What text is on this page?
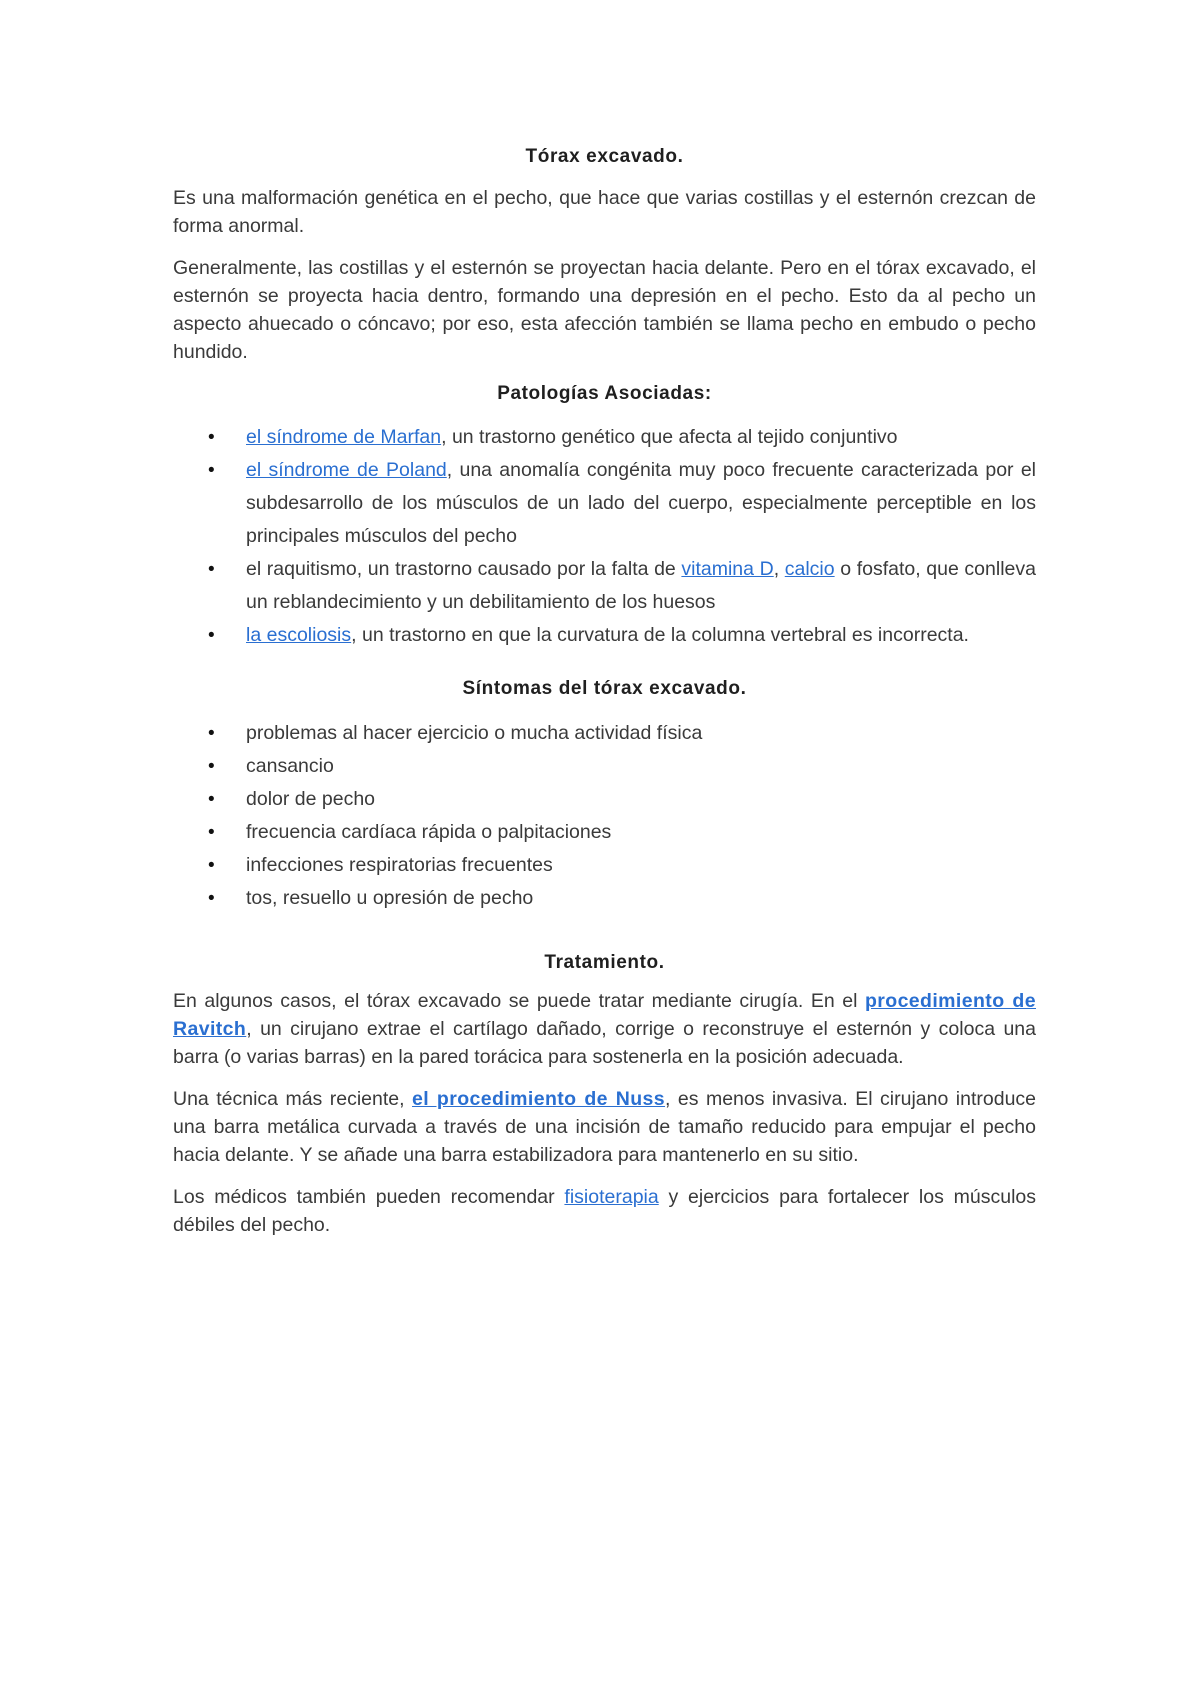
Tórax excavado.

Es una malformación genética en el pecho, que hace que varias costillas y el esternón crezcan de forma anormal.

Generalmente, las costillas y el esternón se proyectan hacia delante. Pero en el tórax excavado, el esternón se proyecta hacia dentro, formando una depresión en el pecho. Esto da al pecho un aspecto ahuecado o cóncavo; por eso, esta afección también se llama pecho en embudo o pecho hundido.

Patologías Asociadas:
• el síndrome de Marfan, un trastorno genético que afecta al tejido conjuntivo
• el síndrome de Poland, una anomalía congénita muy poco frecuente caracterizada por el subdesarrollo de los músculos de un lado del cuerpo, especialmente perceptible en los principales músculos del pecho
• el raquitismo, un trastorno causado por la falta de vitamina D, calcio o fosfato, que conlleva un reblandecimiento y un debilitamiento de los huesos
• la escoliosis, un trastorno en que la curvatura de la columna vertebral es incorrecta.
Síntomas del tórax excavado.
• problemas al hacer ejercicio o mucha actividad física
• cansancio
• dolor de pecho
• frecuencia cardíaca rápida o palpitaciones
• infecciones respiratorias frecuentes
• tos, resuello u opresión de pecho
Tratamiento.

En algunos casos, el tórax excavado se puede tratar mediante cirugía. En el procedimiento de Ravitch, un cirujano extrae el cartílago dañado, corrige o reconstruye el esternón y coloca una barra (o varias barras) en la pared torácica para sostenerla en la posición adecuada.

Una técnica más reciente, el procedimiento de Nuss, es menos invasiva. El cirujano introduce una barra metálica curvada a través de una incisión de tamaño reducido para empujar el pecho hacia delante. Y se añade una barra estabilizadora para mantenerlo en su sitio.

Los médicos también pueden recomendar fisioterapia y ejercicios para fortalecer los músculos débiles del pecho.
